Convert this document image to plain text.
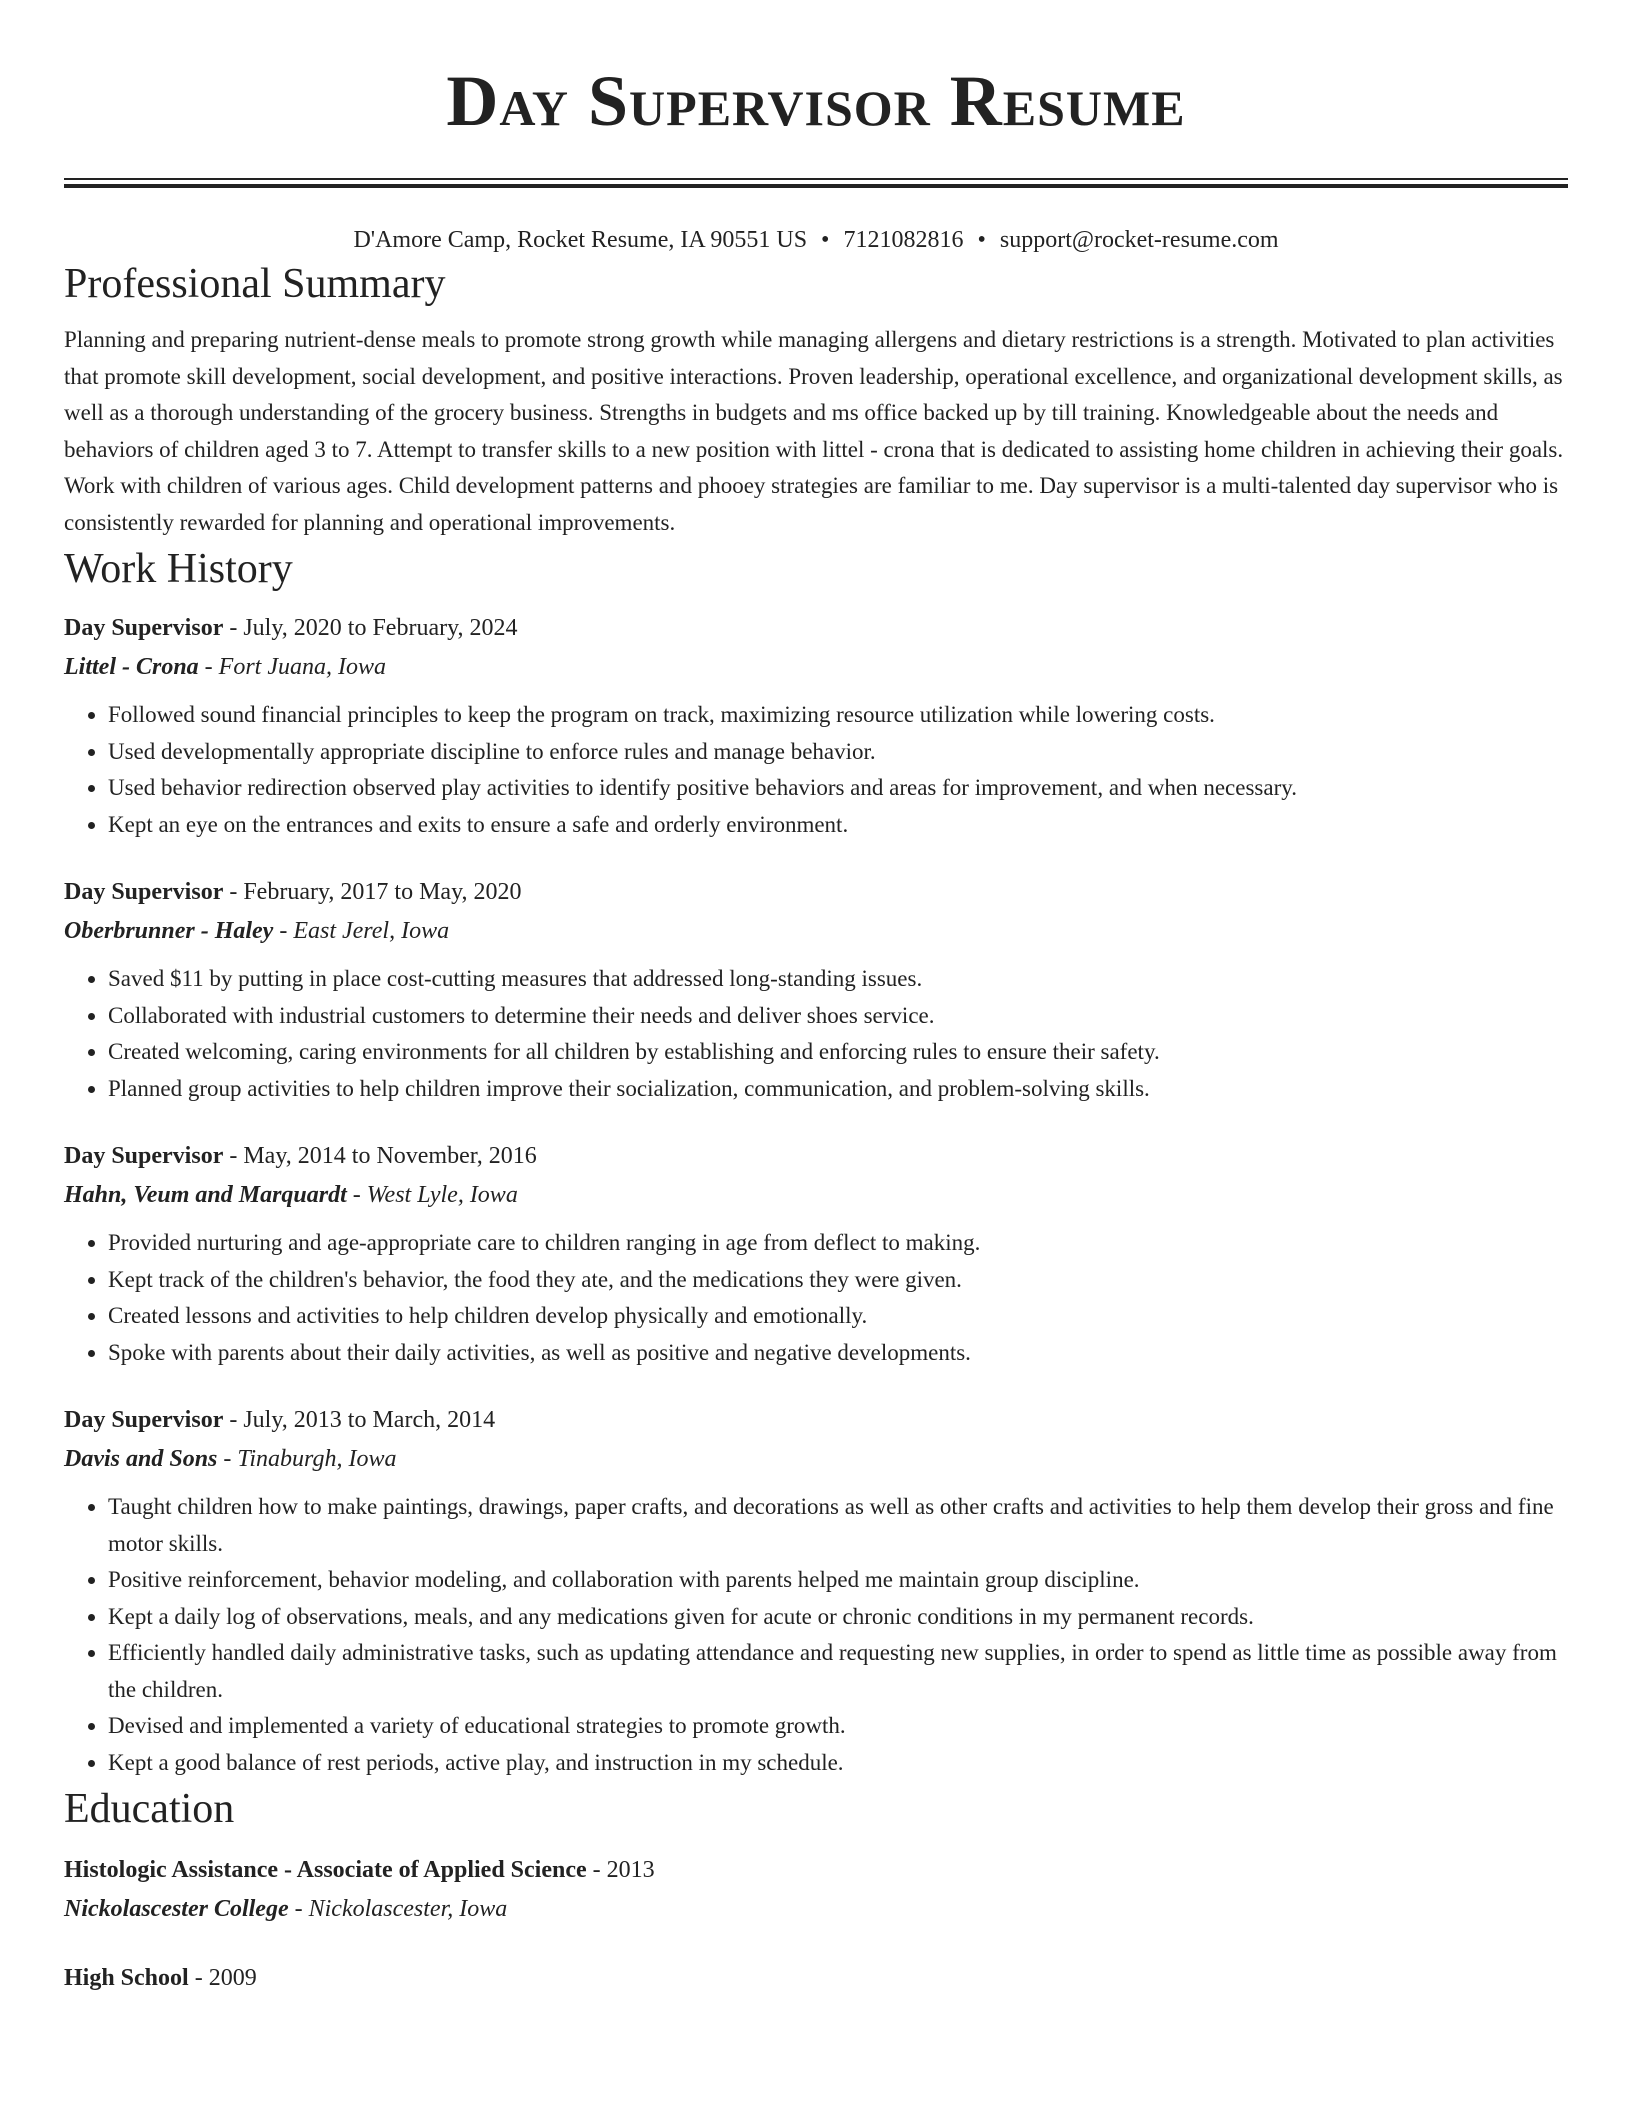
Day Supervisor Resume
D'Amore Camp, Rocket Resume, IA 90551 US • 7121082816 • support@rocket-resume.com
Professional Summary

Planning and preparing nutrient-dense meals to promote strong growth while managing allergens and dietary restrictions is a strength. Motivated to plan activities that promote skill development, social development, and positive interactions. Proven leadership, operational excellence, and organizational development skills, as well as a thorough understanding of the grocery business. Strengths in budgets and ms office backed up by till training. Knowledgeable about the needs and behaviors of children aged 3 to 7. Attempt to transfer skills to a new position with littel - crona that is dedicated to assisting home children in achieving their goals. Work with children of various ages. Child development patterns and phooey strategies are familiar to me. Day supervisor is a multi-talented day supervisor who is consistently rewarded for planning and operational improvements.

Work History
Day Supervisor - July, 2020 to February, 2024
Littel - Crona - Fort Juana, Iowa
• Followed sound financial principles to keep the program on track, maximizing resource utilization while lowering costs.
• Used developmentally appropriate discipline to enforce rules and manage behavior.
• Used behavior redirection observed play activities to identify positive behaviors and areas for improvement, and when necessary.
• Kept an eye on the entrances and exits to ensure a safe and orderly environment.
Day Supervisor - February, 2017 to May, 2020
Oberbrunner - Haley - East Jerel, Iowa
• Saved $11 by putting in place cost-cutting measures that addressed long-standing issues.
• Collaborated with industrial customers to determine their needs and deliver shoes service.
• Created welcoming, caring environments for all children by establishing and enforcing rules to ensure their safety.
• Planned group activities to help children improve their socialization, communication, and problem-solving skills.
Day Supervisor - May, 2014 to November, 2016
Hahn, Veum and Marquardt - West Lyle, Iowa
• Provided nurturing and age-appropriate care to children ranging in age from deflect to making.
• Kept track of the children's behavior, the food they ate, and the medications they were given.
• Created lessons and activities to help children develop physically and emotionally.
• Spoke with parents about their daily activities, as well as positive and negative developments.
Day Supervisor - July, 2013 to March, 2014
Davis and Sons - Tinaburgh, Iowa
• Taught children how to make paintings, drawings, paper crafts, and decorations as well as other crafts and activities to help them develop their gross and fine motor skills.
• Positive reinforcement, behavior modeling, and collaboration with parents helped me maintain group discipline.
• Kept a daily log of observations, meals, and any medications given for acute or chronic conditions in my permanent records.
• Efficiently handled daily administrative tasks, such as updating attendance and requesting new supplies, in order to spend as little time as possible away from the children.
• Devised and implemented a variety of educational strategies to promote growth.
• Kept a good balance of rest periods, active play, and instruction in my schedule.
Education
Histologic Assistance - Associate of Applied Science - 2013
Nickolascester College - Nickolascester, Iowa
High School - 2009
